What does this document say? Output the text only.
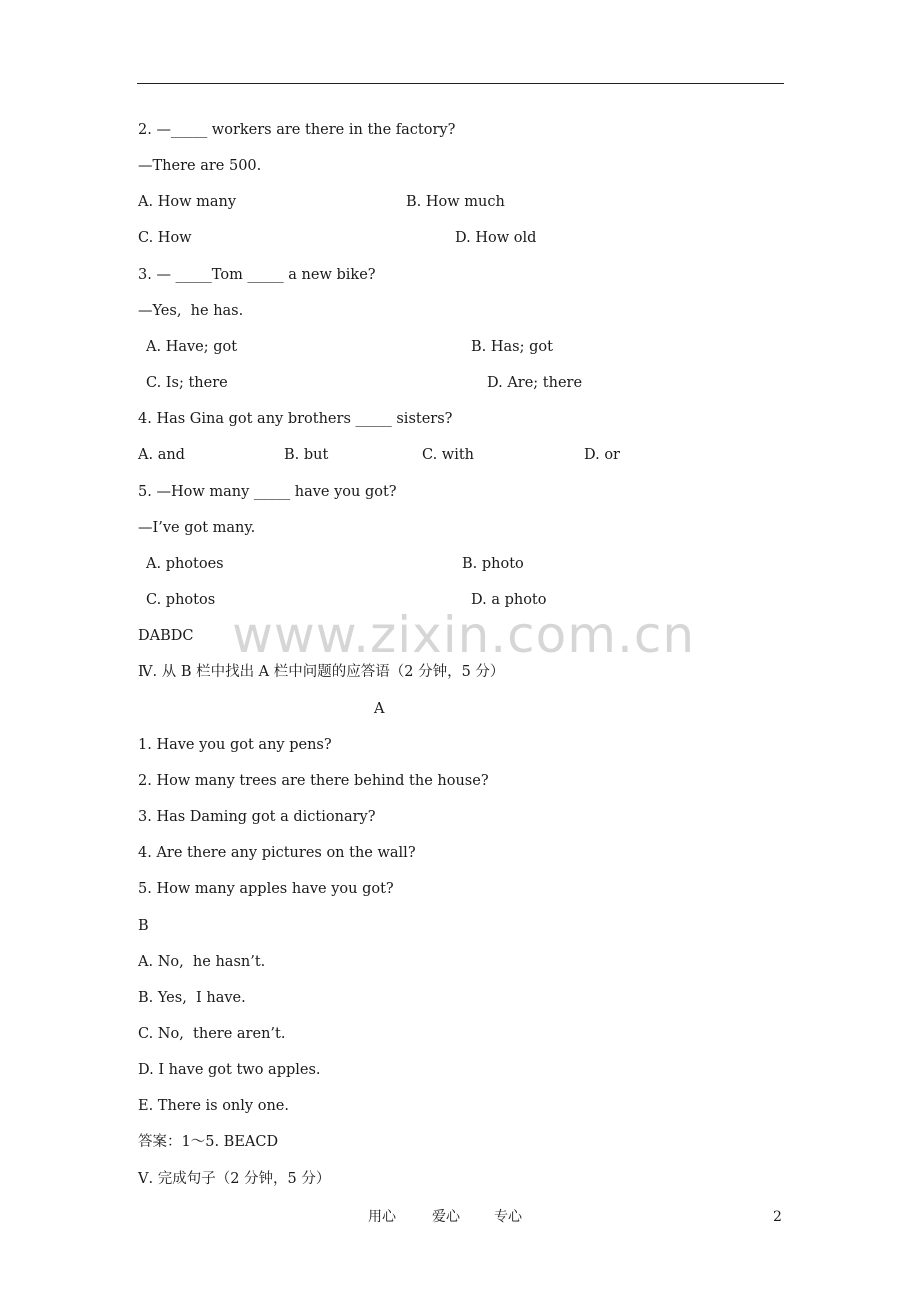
www.zixin.com.cn
2. —_____ workers are there in the factory?
—There are 500.
A. How many	B. How much
C. How	D. How old
3. — _____Tom _____ a new bike?
—Yes,  he has.
A. Have; got	B. Has; got
C. Is; there	D. Are; there
4. Has Gina got any brothers _____ sisters?
A. and	B. but	C. with	D. or
5. —How many _____ have you got?
—I’ve got many.
A. photoes	B. photo
C. photos	D. a photo
DABDC
Ⅳ. 从 B 栏中找出 A 栏中问题的应答语（2 分钟，5 分）
A
1. Have you got any pens?
2. How many trees are there behind the house?
3. Has Daming got a dictionary?
4. Are there any pictures on the wall?
5. How many apples have you got?
B
A. No,  he hasn’t.
B. Yes,  I have.
C. No,  there aren’t.
D. I have got two apples.
E. There is only one.
答案：1～5. BEACD
Ⅴ. 完成句子（2 分钟，5 分）
用心	爱心 专心	2
